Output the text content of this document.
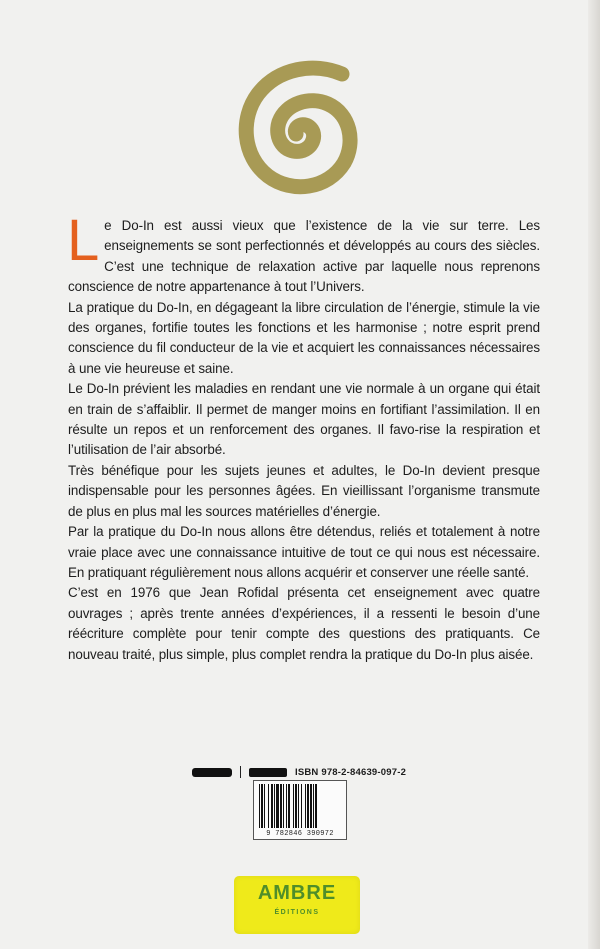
Le Do-In est aussi vieux que l’existence de la vie sur terre. Les enseignements se sont perfectionnés et développés au cours des siècles. C’est une technique de relaxation active par laquelle nous reprenons conscience de notre appartenance à tout l’Univers.

La pratique du Do-In, en dégageant la libre circulation de l’énergie, stimule la vie des organes, fortifie toutes les fonctions et les harmonise ; notre esprit prend conscience du fil conducteur de la vie et acquiert les connaissances nécessaires à une vie heureuse et saine.

Le Do-In prévient les maladies en rendant une vie normale à un organe qui était en train de s’affaiblir. Il permet de manger moins en fortifiant l’assimilation. Il en résulte un repos et un renforcement des organes. Il favo-rise la respiration et l’utilisation de l’air absorbé.

Très bénéfique pour les sujets jeunes et adultes, le Do-In devient presque indispensable pour les personnes âgées. En vieillissant l’organisme transmute de plus en plus mal les sources matérielles d’énergie.

Par la pratique du Do-In nous allons être détendus, reliés et totalement à notre vraie place avec une connaissance intuitive de tout ce qui nous est nécessaire. En pratiquant régulièrement nous allons acquérir et conserver une réelle santé.

C’est en 1976 que Jean Rofidal présenta cet enseignement avec quatre ouvrages ; après trente années d’expériences, il a ressenti le besoin d’une réécriture complète pour tenir compte des questions des pratiquants. Ce nouveau traité, plus simple, plus complet rendra la pratique du Do-In plus aisée.

ISBN 978-2-84639-097-2
9 782846 390972
AMBRE
ÉDITIONS
